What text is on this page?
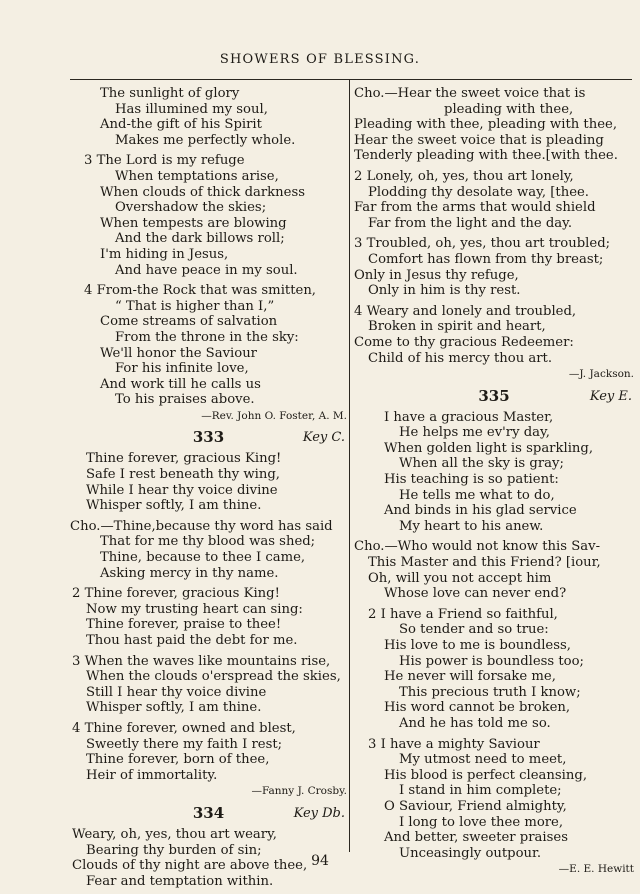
SHOWERS OF BLESSING.
The sunlight of glory
Has illumined my soul,
And-the gift of his Spirit
Makes me perfectly whole.
3 The Lord is my refuge
When temptations arise,
When clouds of thick darkness
Overshadow the skies;
When tempests are blowing
And the dark billows roll;
I'm hiding in Jesus,
And have peace in my soul.
4 From-the Rock that was smitten,
“ That is higher than I,”
Come streams of salvation
From the throne in the sky:
We'll honor the Saviour
For his infinite love,
And work till he calls us
To his praises above.
—Rev. John O. Foster, A. M.
333	Key C.
Thine forever, gracious King!
Safe I rest beneath thy wing,
While I hear thy voice divine
Whisper softly, I am thine.
Cho.—Thine,because thy word has said
That for me thy blood was shed;
Thine, because to thee I came,
Asking mercy in thy name.
2 Thine forever, gracious King!
Now my trusting heart can sing:
Thine forever, praise to thee!
Thou hast paid the debt for me.
3 When the waves like mountains rise,
When the clouds o'erspread the skies,
Still I hear thy voice divine
Whisper softly, I am thine.
4 Thine forever, owned and blest,
Sweetly there my faith I rest;
Thine forever, born of thee,
Heir of immortality.
—Fanny J. Crosby.
334	Key Db.
Weary, oh, yes, thou art weary,
Bearing thy burden of sin;
Clouds of thy night are above thee,
Fear and temptation within.
Cho.—Hear the sweet voice that is
pleading with thee,
Pleading with thee, pleading with thee,
Hear the sweet voice that is pleading
Tenderly pleading with thee.[with thee.
2 Lonely, oh, yes, thou art lonely,
Plodding thy desolate way, [thee.
Far from the arms that would shield
Far from the light and the day.
3 Troubled, oh, yes, thou art troubled;
Comfort has flown from thy breast;
Only in Jesus thy refuge,
Only in him is thy rest.
4 Weary and lonely and troubled,
Broken in spirit and heart,
Come to thy gracious Redeemer:
Child of his mercy thou art.
—J. Jackson.
335	Key E.
I have a gracious Master,
He helps me ev'ry day,
When golden light is sparkling,
When all the sky is gray;
His teaching is so patient:
He tells me what to do,
And binds in his glad service
My heart to his anew.
Cho.—Who would not know this Sav-
This Master and this Friend? [iour,
Oh, will you not accept him
Whose love can never end?
2 I have a Friend so faithful,
So tender and so true:
His love to me is boundless,
His power is boundless too;
He never will forsake me,
This precious truth I know;
His word cannot be broken,
And he has told me so.
3 I have a mighty Saviour
My utmost need to meet,
His blood is perfect cleansing,
I stand in him complete;
O Saviour, Friend almighty,
I long to love thee more,
And better, sweeter praises
Unceasingly outpour.
—E. E. Hewitt
94
